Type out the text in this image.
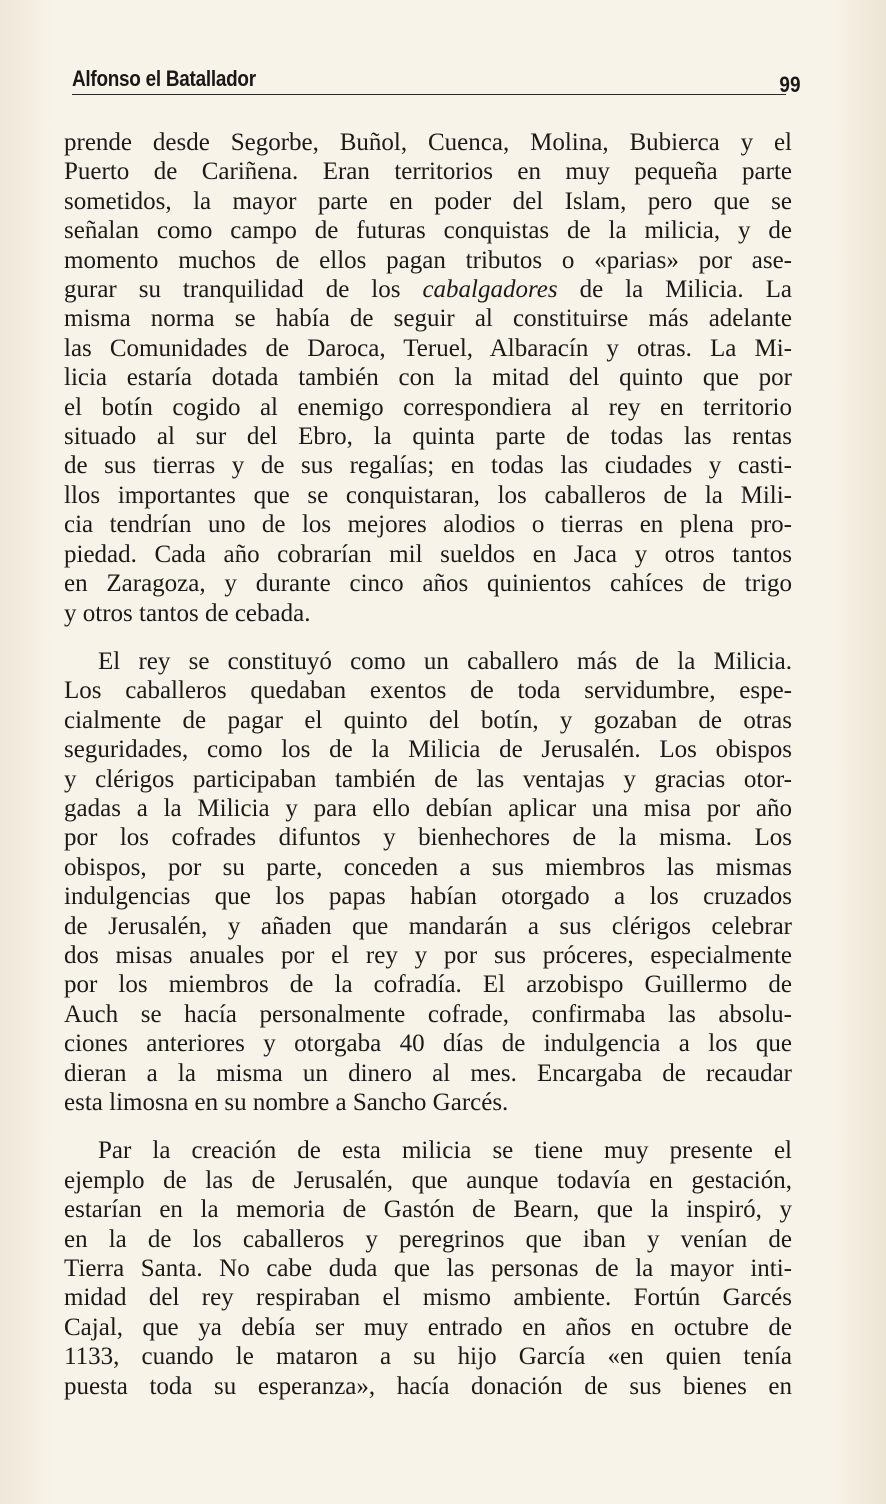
Alfonso el Batallador	99
prende desde Segorbe, Buñol, Cuenca, Molina, Bubierca y el
Puerto de Cariñena. Eran territorios en muy pequeña parte
sometidos, la mayor parte en poder del Islam, pero que se
señalan como campo de futuras conquistas de la milicia, y de
momento muchos de ellos pagan tributos o «parias» por ase-
gurar su tranquilidad de los cabalgadores de la Milicia. La
misma norma se había de seguir al constituirse más adelante
las Comunidades de Daroca, Teruel, Albaracín y otras. La Mi-
licia estaría dotada también con la mitad del quinto que por
el botín cogido al enemigo correspondiera al rey en territorio
situado al sur del Ebro, la quinta parte de todas las rentas
de sus tierras y de sus regalías; en todas las ciudades y casti-
llos importantes que se conquistaran, los caballeros de la Mili-
cia tendrían uno de los mejores alodios o tierras en plena pro-
piedad. Cada año cobrarían mil sueldos en Jaca y otros tantos
en Zaragoza, y durante cinco años quinientos cahíces de trigo
y otros tantos de cebada.
El rey se constituyó como un caballero más de la Milicia.
Los caballeros quedaban exentos de toda servidumbre, espe-
cialmente de pagar el quinto del botín, y gozaban de otras
seguridades, como los de la Milicia de Jerusalén. Los obispos
y clérigos participaban también de las ventajas y gracias otor-
gadas a la Milicia y para ello debían aplicar una misa por año
por los cofrades difuntos y bienhechores de la misma. Los
obispos, por su parte, conceden a sus miembros las mismas
indulgencias que los papas habían otorgado a los cruzados
de Jerusalén, y añaden que mandarán a sus clérigos celebrar
dos misas anuales por el rey y por sus próceres, especialmente
por los miembros de la cofradía. El arzobispo Guillermo de
Auch se hacía personalmente cofrade, confirmaba las absolu-
ciones anteriores y otorgaba 40 días de indulgencia a los que
dieran a la misma un dinero al mes. Encargaba de recaudar
esta limosna en su nombre a Sancho Garcés.
Par la creación de esta milicia se tiene muy presente el
ejemplo de las de Jerusalén, que aunque todavía en gestación,
estarían en la memoria de Gastón de Bearn, que la inspiró, y
en la de los caballeros y peregrinos que iban y venían de
Tierra Santa. No cabe duda que las personas de la mayor inti-
midad del rey respiraban el mismo ambiente. Fortún Garcés
Cajal, que ya debía ser muy entrado en años en octubre de
1133, cuando le mataron a su hijo García «en quien tenía
puesta toda su esperanza», hacía donación de sus bienes en
